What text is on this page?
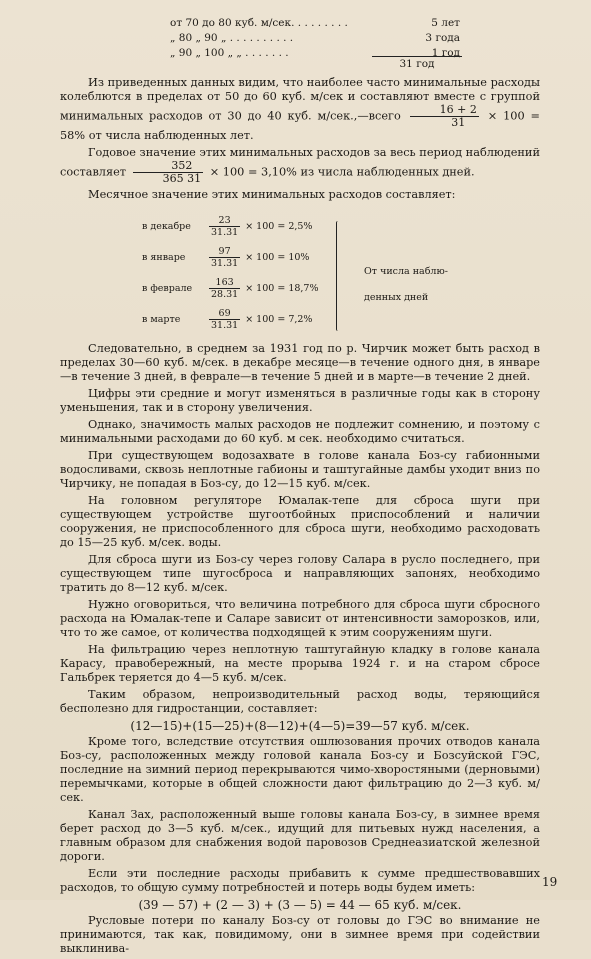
от 70 до 80 куб. м/сек. . . . . . . . .	5 лет
„ 80 „ 90 „ . . . . . . . . . .	3 года
„ 90 „ 100 „ „ . . . . . . .	1 год
31 год

Из приведенных данных видим, что наиболее часто минимальные расходы колеблются в пределах от 50 до 60 куб. м/сек и составляют вместе с группой минимальных расходов от 30 до 40 куб. м/сек.,—всего $\frac{16 + 2}{31} \times 100 = 58\%$ от числа наблюденных лет.

Годовое значение этих минимальных расходов за весь период наблюдений составляет $\frac{352}{365 31} \times 100 = 3,10\%$ из числа наблюденных дней.

Месячное значение этих минимальных расходов составляет:

в декабре	$\frac{23}{31.31} \times 100 = 2,5\%$
в январе	$\frac{97}{31.31} \times 100 = 10\%$
в феврале	$\frac{163}{28.31} \times 100 = 18,7\%$
в марте	$\frac{69}{31.31} \times 100 = 7,2\%$
От числа наблю-
денных дней

Следовательно, в среднем за 1931 год по р. Чирчик может быть расход в пределах 30—60 куб. м/сек. в декабре месяце—в течение одного дня, в январе—в течение 3 дней, в феврале—в течение 5 дней и в марте—в течение 2 дней.

Цифры эти средние и могут изменяться в различные годы как в сторону уменьшения, так и в сторону увеличения.

Однако, значимость малых расходов не подлежит сомнению, и поэтому с минимальными расходами до 60 куб. м сек. необходимо считаться.

При существующем водозахвате в голове канала Боз-су габионными водосливами, сквозь неплотные габионы и таштугайные дамбы уходит вниз по Чирчику, не попадая в Боз-су, до 12—15 куб. м/сек.

На головном регуляторе Юмалак-тепе для сброса шуги при существующем устройстве шугоотбойных приспособлений и наличии сооружения, не приспособленного для сброса шуги, необходимо расходовать до 15—25 куб. м/сек. воды.

Для сброса шуги из Боз-су через голову Салара в русло последнего, при существующем типе шугосброса и направляющих запонях, необходимо тратить до 8—12 куб. м/сек.

Нужно оговориться, что величина потребного для сброса шуги сбросного расхода на Юмалак-тепе и Саларе зависит от интенсивности заморозков, или, что то же самое, от количества подходящей к этим сооружениям шуги.

На фильтрацию через неплотную таштугайную кладку в голове канала Карасу, правобережный, на месте прорыва 1924 г. и на старом сбросе Гальбрек теряется до 4—5 куб. м/сек.

Таким образом, непроизводительный расход воды, теряющийся бесполезно для гидростанции, составляет:

(12—15)+(15—25)+(8—12)+(4—5)=39—57 куб. м/сек.

Кроме того, вследствие отсутствия ошлюзования прочих отводов канала Боз-су, расположенных между головой канала Боз-су и Бозсуйской ГЭС, последние на зимний период перекрываются чимо-хворостяными (дерновыми) перемычками, которые в общей сложности дают фильтрацию до 2—3 куб. м/сек.

Канал Зах, расположенный выше головы канала Боз-су, в зимнее время берет расход до 3—5 куб. м/сек., идущий для питьевых нужд населения, а главным образом для снабжения водой паровозов Среднеазиатской железной дороги.

Если эти последние расходы прибавить к сумме предшествовавших расходов, то общую сумму потребностей и потерь воды будем иметь:

(39 — 57) + (2 — 3) + (3 — 5) = 44 — 65 куб. м/сек.

Русловые потери по каналу Боз-су от головы до ГЭС во внимание не принимаются, так как, повидимому, они в зимнее время при содействии выклинива-

19
